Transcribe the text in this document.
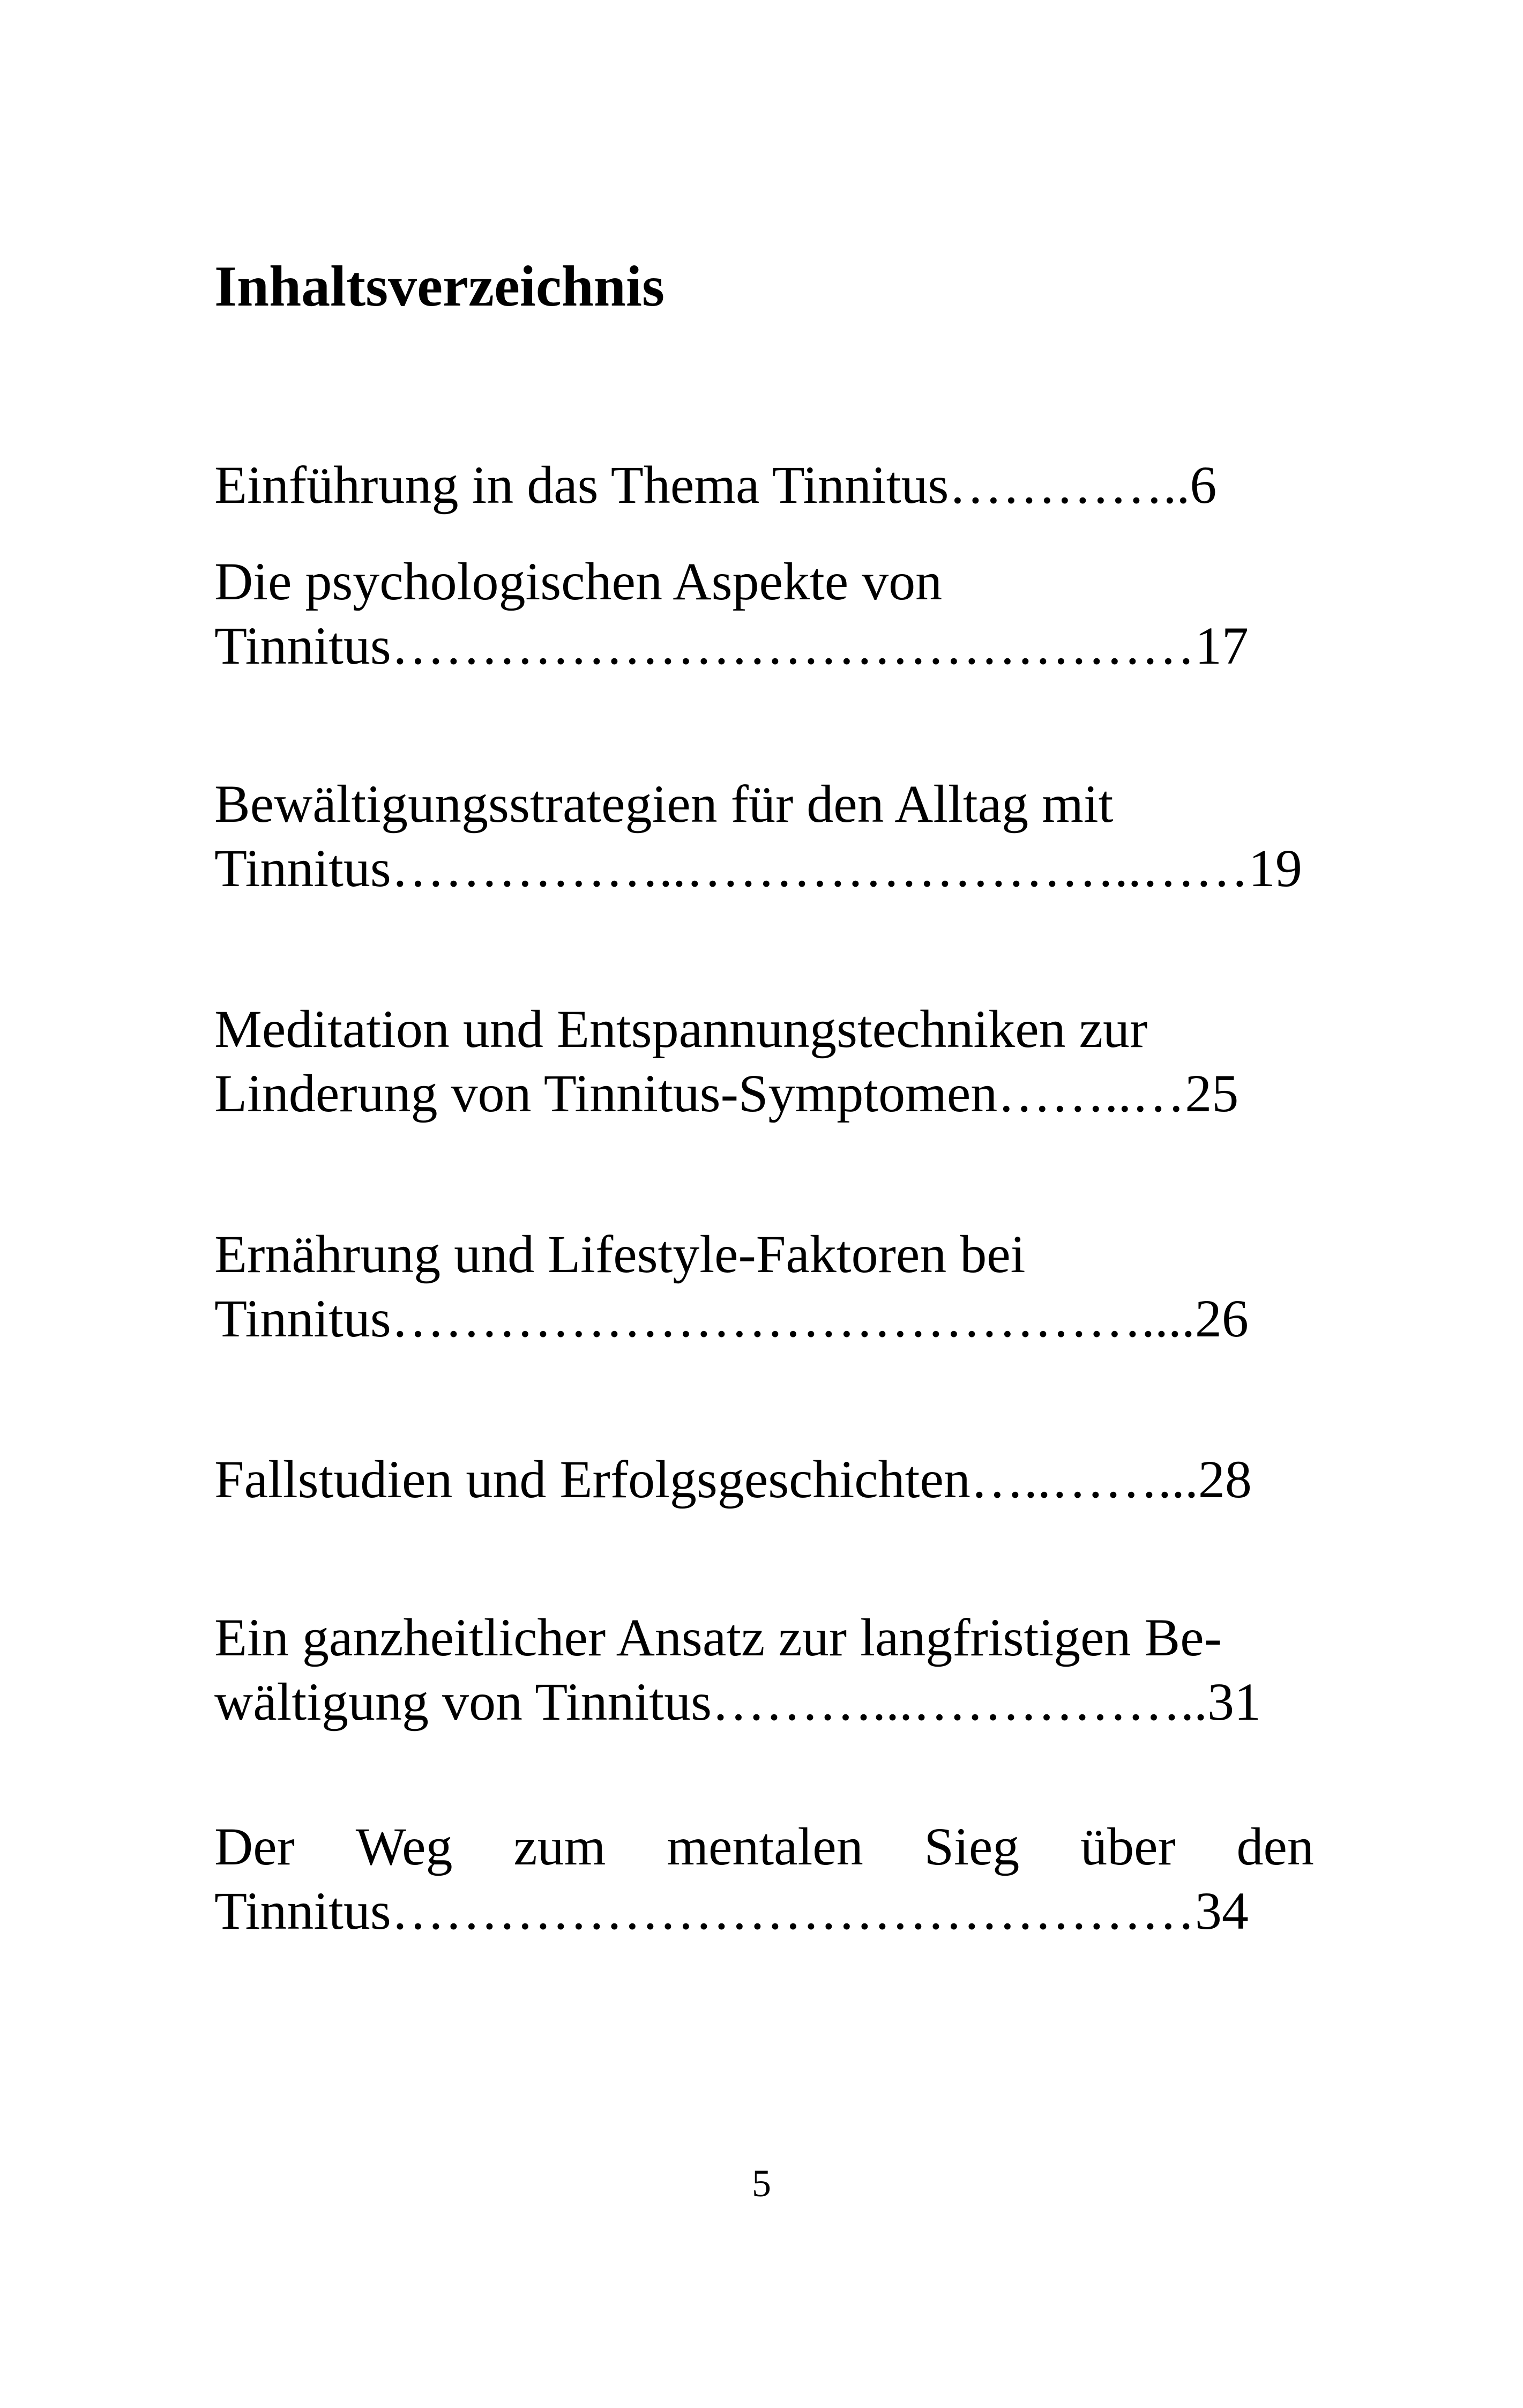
Inhaltsverzeichnis

Einführung in das Thema Tinnitus…………..6

Die psychologischen Aspekte von

Tinnitus………………………………………17

Bewältigungsstrategien für den Alltag mit

Tinnitus……………..……………………..……19

Meditation und Entspannungstechniken zur

Linderung von Tinnitus-Symptomen……..…25

Ernährung und Lifestyle-Faktoren bei

Tinnitus……………………………………....26

Fallstudien und Erfolgsgeschichten…..……...28

Ein ganzheitlicher Ansatz zur langfristigen Be-

wältigung von Tinnitus………...……………..31

Der Weg zum mentalen Sieg über den

Tinnitus………………………………………34

5
